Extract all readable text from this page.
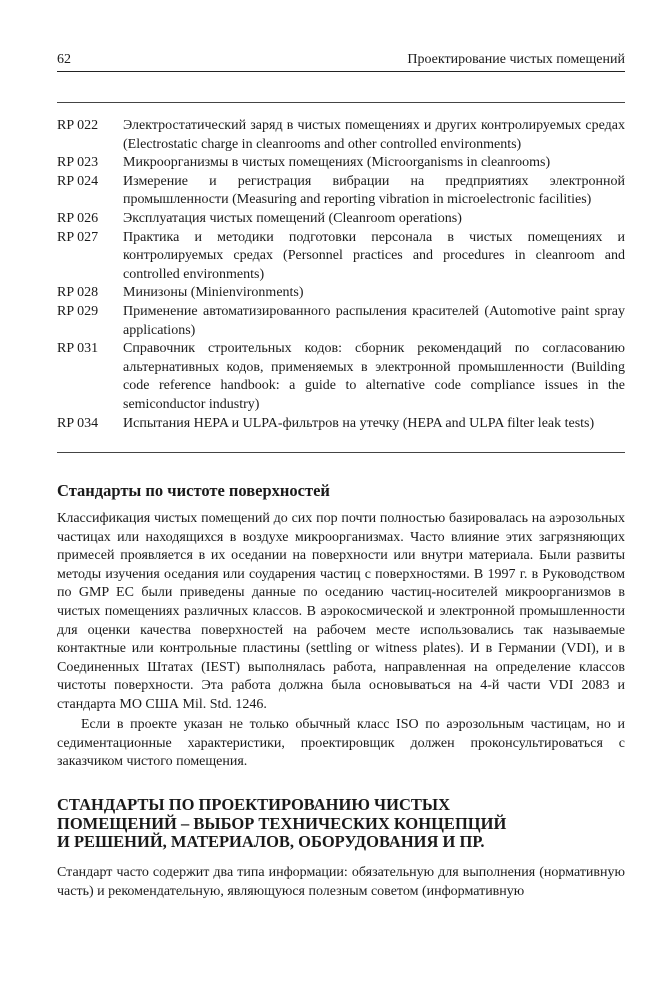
62	Проектирование чистых помещений
RP 022	Электростатический заряд в чистых помещениях и других контролируемых средах (Electrostatic charge in cleanrooms and other controlled environments)
RP 023	Микроорганизмы в чистых помещениях (Microorganisms in cleanrooms)
RP 024	Измерение и регистрация вибрации на предприятиях электронной промышленности (Measuring and reporting vibration in microelectronic facilities)
RP 026	Эксплуатация чистых помещений (Cleanroom operations)
RP 027	Практика и методики подготовки персонала в чистых помещениях и контролируемых средах (Personnel practices and procedures in cleanroom and controlled environments)
RP 028	Минизоны (Minienvironments)
RP 029	Применение автоматизированного распыления красителей (Automotive paint spray applications)
RP 031	Справочник строительных кодов: сборник рекомендаций по согласованию альтернативных кодов, применяемых в электронной промышленности (Building code reference handbook: a guide to alternative code compliance issues in the semiconductor industry)
RP 034	Испытания HEPA и ULPA-фильтров на утечку (HEPA and ULPA filter leak tests)
Стандарты по чистоте поверхностей

Классификация чистых помещений до сих пор почти полностью базировалась на аэрозольных частицах или находящихся в воздухе микроорганизмах. Часто влияние этих загрязняющих примесей проявляется в их оседании на поверхности или внутри материала. Были развиты методы изучения оседания или соударения частиц с поверхностями. В 1997 г. в Руководством по GMP ЕС были приведены данные по оседанию частиц-носителей микроорганизмов в чистых помещениях различных классов. В аэрокосмической и электронной промышленности для оценки качества поверхностей на рабочем месте использовались так называемые контактные или контрольные пластины (settling or witness plates). И в Германии (VDI), и в Соединенных Штатах (IEST) выполнялась работа, направленная на определение классов чистоты поверхности. Эта работа должна была основываться на 4-й части VDI 2083 и стандарта МО США Mil. Std. 1246.

Если в проекте указан не только обычный класс ISO по аэрозольным частицам, но и седиментационные характеристики, проектировщик должен проконсультироваться с заказчиком чистого помещения.

СТАНДАРТЫ ПО ПРОЕКТИРОВАНИЮ ЧИСТЫХ
ПОМЕЩЕНИЙ – ВЫБОР ТЕХНИЧЕСКИХ КОНЦЕПЦИЙ
И РЕШЕНИЙ, МАТЕРИАЛОВ, ОБОРУДОВАНИЯ И ПР.

Стандарт часто содержит два типа информации: обязательную для выполнения (нормативную часть) и рекомендательную, являющуюся полезным советом (информативную
